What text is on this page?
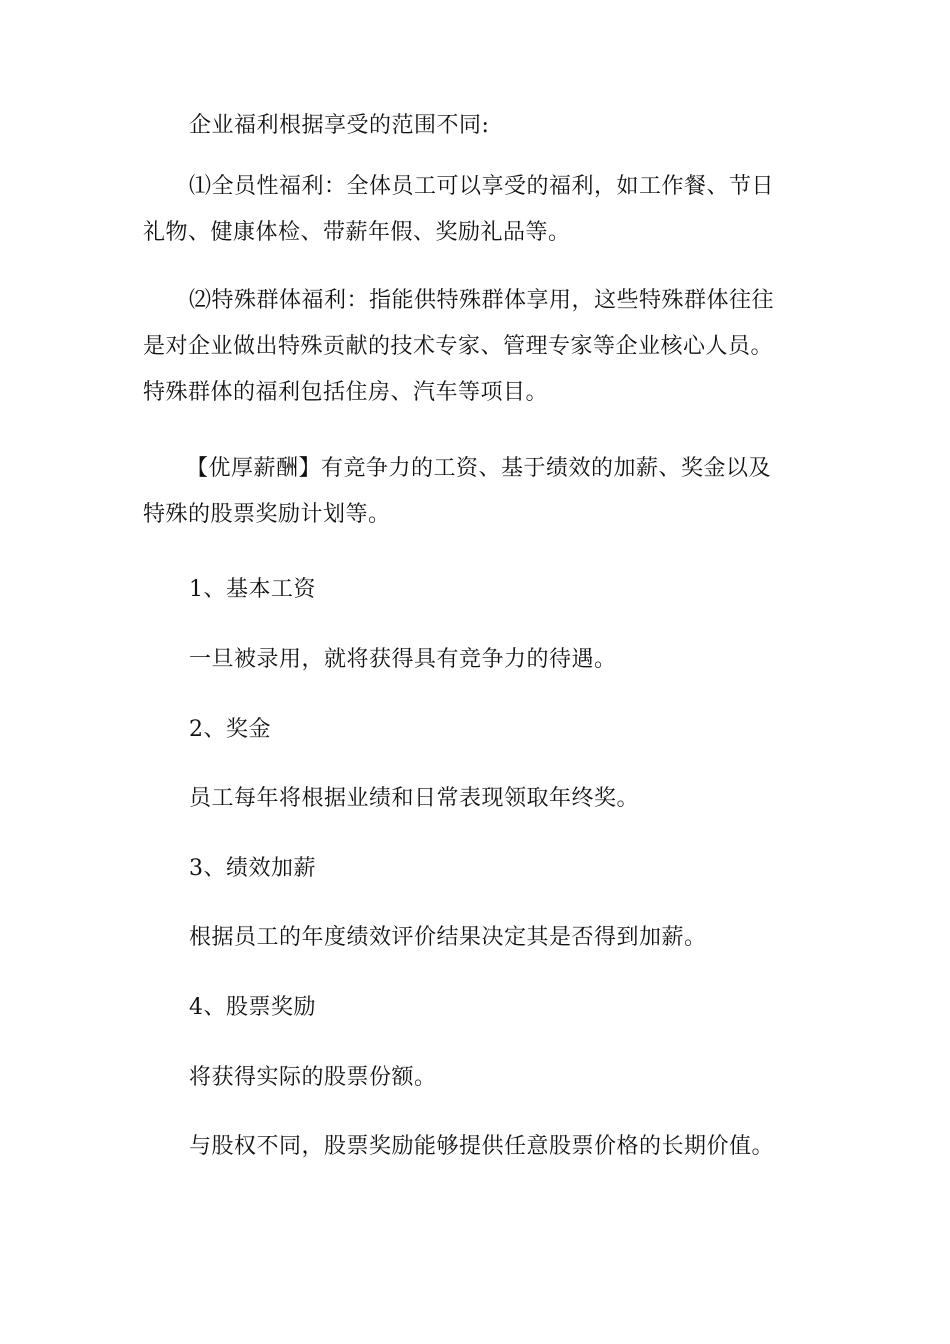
企业福利根据享受的范围不同:

⑴全员性福利：全体员工可以享受的福利，如工作餐、节日
礼物、健康体检、带薪年假、奖励礼品等。

⑵特殊群体福利：指能供特殊群体享用，这些特殊群体往往
是对企业做出特殊贡献的技术专家、管理专家等企业核心人员。
特殊群体的福利包括住房、汽车等项目。

【优厚薪酬】有竞争力的工资、基于绩效的加薪、奖金以及
特殊的股票奖励计划等。

1、基本工资

一旦被录用，就将获得具有竞争力的待遇。

2、奖金

员工每年将根据业绩和日常表现领取年终奖。

3、绩效加薪

根据员工的年度绩效评价结果决定其是否得到加薪。

4、股票奖励

将获得实际的股票份额。

与股权不同，股票奖励能够提供任意股票价格的长期价值。
